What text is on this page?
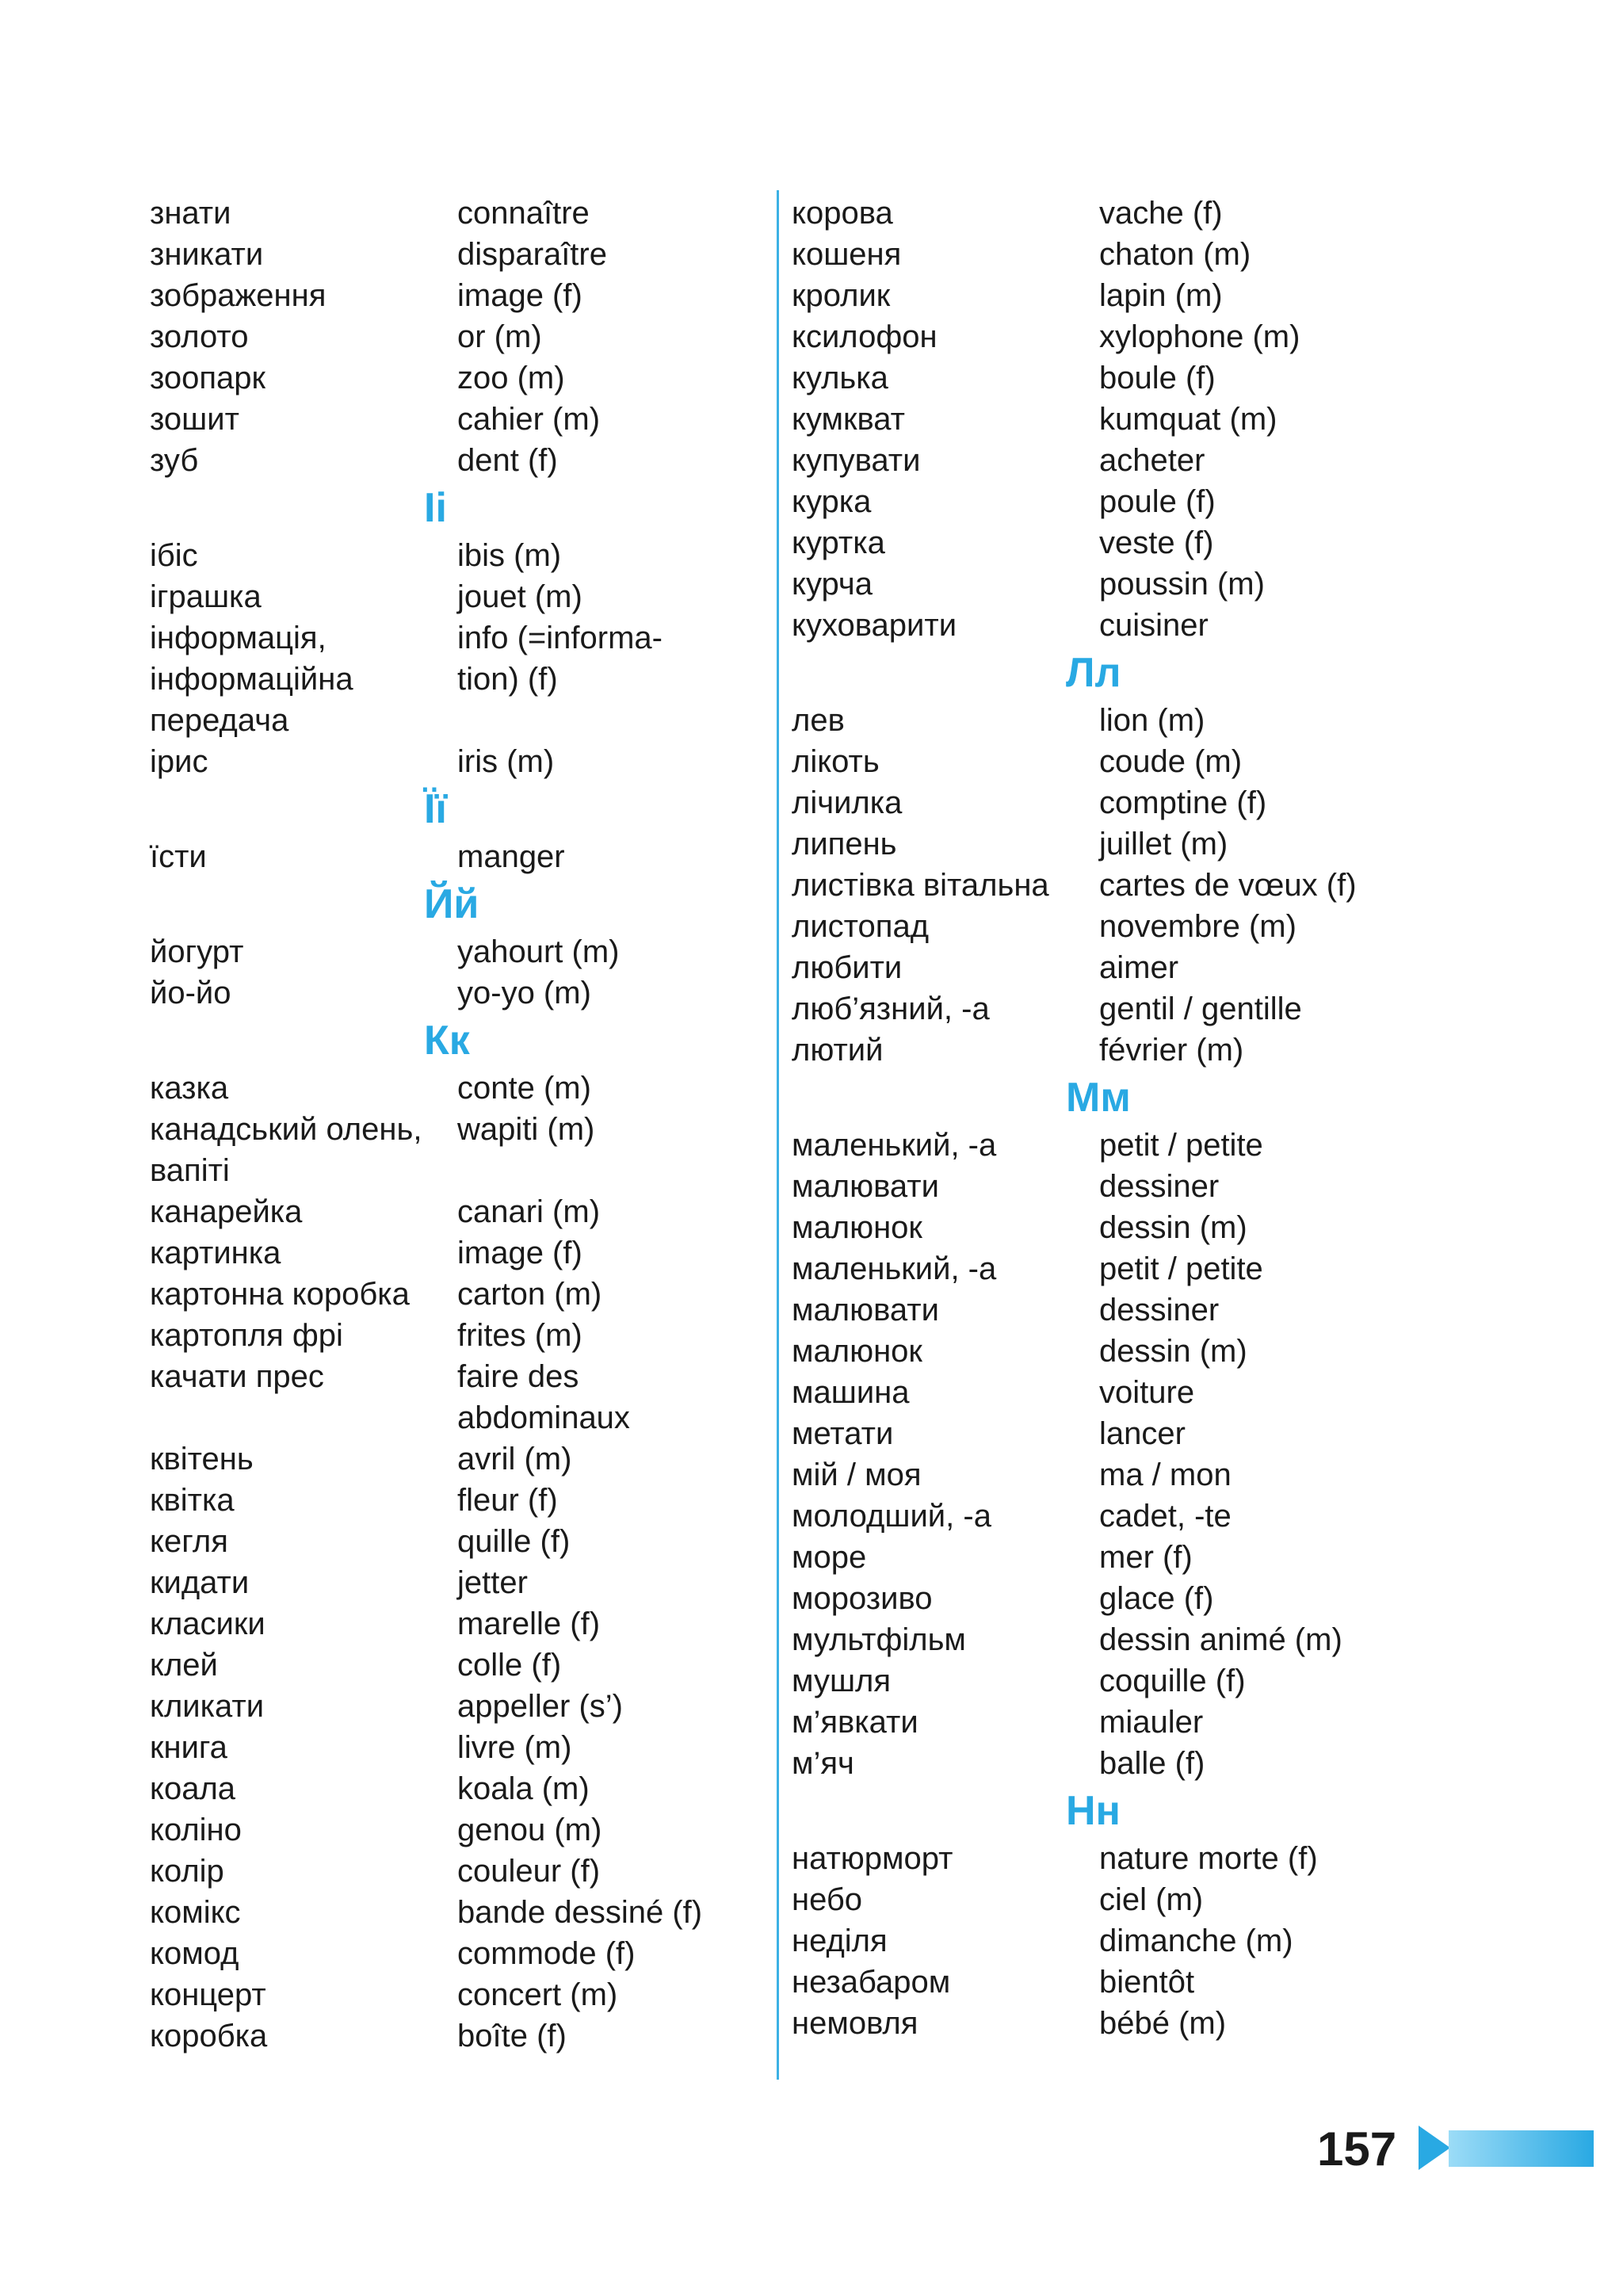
знати	connaître
зникати	disparaître
зображення	image (f)
золото	or (m)
зоопарк	zoo (m)
зошит	cahier (m)
зуб	dent (f)
Іі
ібіс	ibis (m)
іграшка	jouet (m)
інформація,	info (=informa-
інформаційна	tion) (f)
передача
ірис	iris (m)
Її
їсти	manger
Йй
йогурт	yahourt (m)
йо-йо	yo-yo (m)
Кк
казка	conte (m)
канадський олень,	wapiti (m)
вапіті
канарейка	canari (m)
картинка	image (f)
картонна коробка	carton (m)
картопля фрі	frites (m)
качати прес	faire des
abdominaux
квітень	avril (m)
квітка	fleur (f)
кегля	quille (f)
кидати	jetter
класики	marelle (f)
клей	colle (f)
кликати	appeller (s’)
книга	livre (m)
коала	koala (m)
коліно	genou (m)
колір	couleur (f)
комікс	bande dessiné (f)
комод	commode (f)
концерт	concert (m)
коробка	boîte (f)
корова	vache (f)
кошеня	chaton (m)
кролик	lapin (m)
ксилофон	xylophone (m)
кулька	boule (f)
кумкват	kumquat (m)
купувати	acheter
курка	poule (f)
куртка	veste (f)
курча	poussin (m)
куховарити	cuisiner
Лл
лев	lion (m)
лікоть	coude (m)
лічилка	comptine (f)
липень	juillet (m)
листівка вітальна	cartes de vœux (f)
листопад	novembre (m)
любити	aimer
люб’язний, -а	gentil / gentille
лютий	février (m)
Мм
маленький, -а	petit / petite
малювати	dessiner
малюнок	dessin (m)
маленький, -а	petit / petite
малювати	dessiner
малюнок	dessin (m)
машина	voiture
метати	lancer
мій / моя	ma / mon
молодший, -а	cadet, -te
море	mer (f)
морозиво	glace (f)
мультфільм	dessin animé (m)
мушля	coquille (f)
м’явкати	miauler
м’яч	balle (f)
Нн
натюрморт	nature morte (f)
небо	ciel (m)
неділя	dimanche (m)
незабаром	bientôt
немовля	bébé (m)
157
